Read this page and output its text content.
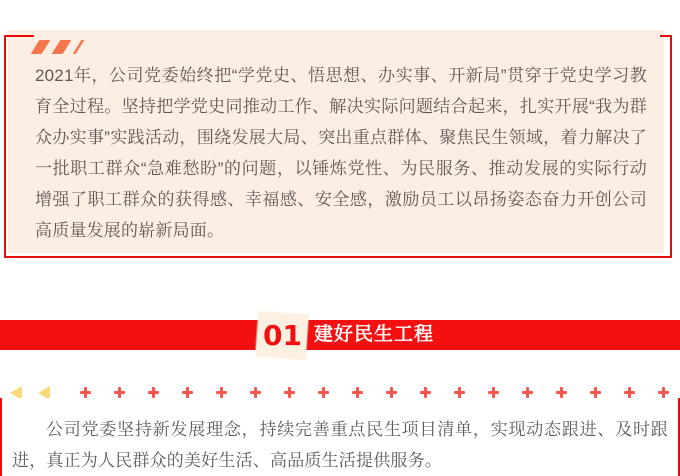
2021年，公司党委始终把“学党史、悟思想、办实事、开新局”贯穿于党史学习教育全过程。坚持把学党史同推动工作、解决实际问题结合起来，扎实开展“我为群众办实事”实践活动，围绕发展大局、突出重点群体、聚焦民生领域，着力解决了一批职工群众“急难愁盼”的问题，以锤炼党性、为民服务、推动发展的实际行动增强了职工群众的获得感、幸福感、安全感，激励员工以昂扬姿态奋力开创公司高质量发展的崭新局面。
01 建好民生工程
公司党委坚持新发展理念，持续完善重点民生项目清单，实现动态跟进、及时跟进，真正为人民群众的美好生活、高品质生活提供服务。
